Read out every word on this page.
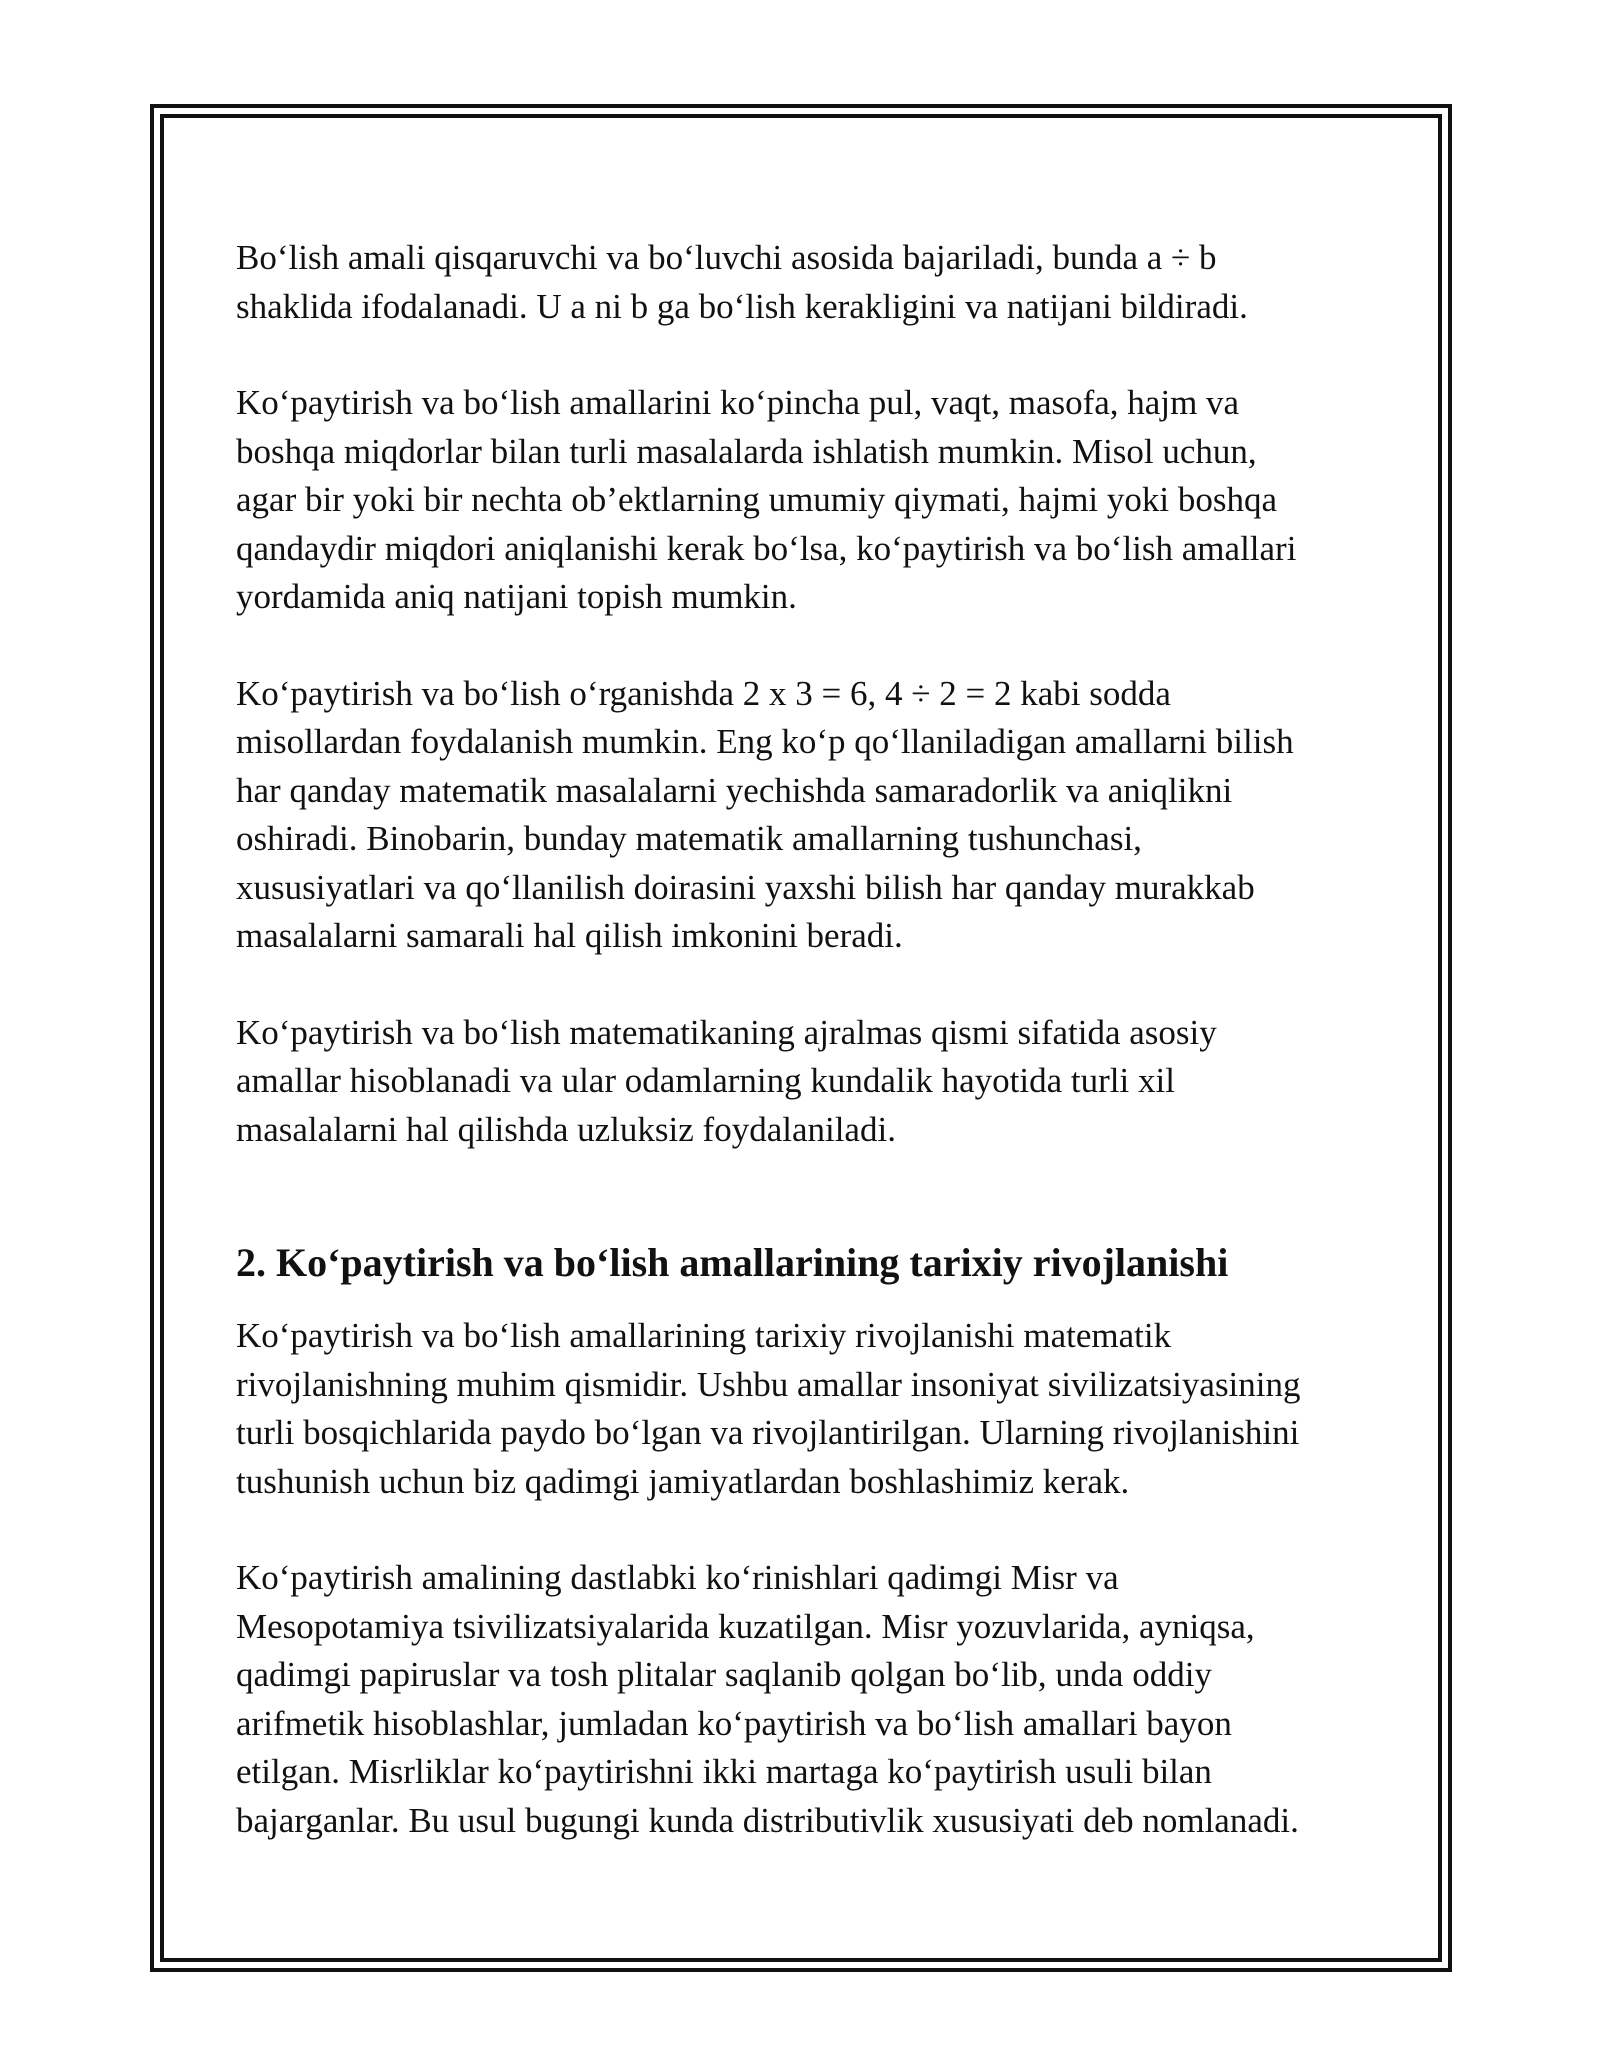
Bo‘lish amali qisqaruvchi va bo‘luvchi asosida bajariladi, bunda a ÷ b
shaklida ifodalanadi. U a ni b ga bo‘lish kerakligini va natijani bildiradi.

Ko‘paytirish va bo‘lish amallarini ko‘pincha pul, vaqt, masofa, hajm va
boshqa miqdorlar bilan turli masalalarda ishlatish mumkin. Misol uchun,
agar bir yoki bir nechta ob’ektlarning umumiy qiymati, hajmi yoki boshqa
qandaydir miqdori aniqlanishi kerak bo‘lsa, ko‘paytirish va bo‘lish amallari
yordamida aniq natijani topish mumkin.

Ko‘paytirish va bo‘lish o‘rganishda 2 x 3 = 6, 4 ÷ 2 = 2 kabi sodda
misollardan foydalanish mumkin. Eng ko‘p qo‘llaniladigan amallarni bilish
har qanday matematik masalalarni yechishda samaradorlik va aniqlikni
oshiradi. Binobarin, bunday matematik amallarning tushunchasi,
xususiyatlari va qo‘llanilish doirasini yaxshi bilish har qanday murakkab
masalalarni samarali hal qilish imkonini beradi.

Ko‘paytirish va bo‘lish matematikaning ajralmas qismi sifatida asosiy
amallar hisoblanadi va ular odamlarning kundalik hayotida turli xil
masalalarni hal qilishda uzluksiz foydalaniladi.

2. Ko‘paytirish va bo‘lish amallarining tarixiy rivojlanishi

Ko‘paytirish va bo‘lish amallarining tarixiy rivojlanishi matematik
rivojlanishning muhim qismidir. Ushbu amallar insoniyat sivilizatsiyasining
turli bosqichlarida paydo bo‘lgan va rivojlantirilgan. Ularning rivojlanishini
tushunish uchun biz qadimgi jamiyatlardan boshlashimiz kerak.

Ko‘paytirish amalining dastlabki ko‘rinishlari qadimgi Misr va
Mesopotamiya tsivilizatsiyalarida kuzatilgan. Misr yozuvlarida, ayniqsa,
qadimgi papiruslar va tosh plitalar saqlanib qolgan bo‘lib, unda oddiy
arifmetik hisoblashlar, jumladan ko‘paytirish va bo‘lish amallari bayon
etilgan. Misrliklar ko‘paytirishni ikki martaga ko‘paytirish usuli bilan
bajarganlar. Bu usul bugungi kunda distributivlik xususiyati deb nomlanadi.
